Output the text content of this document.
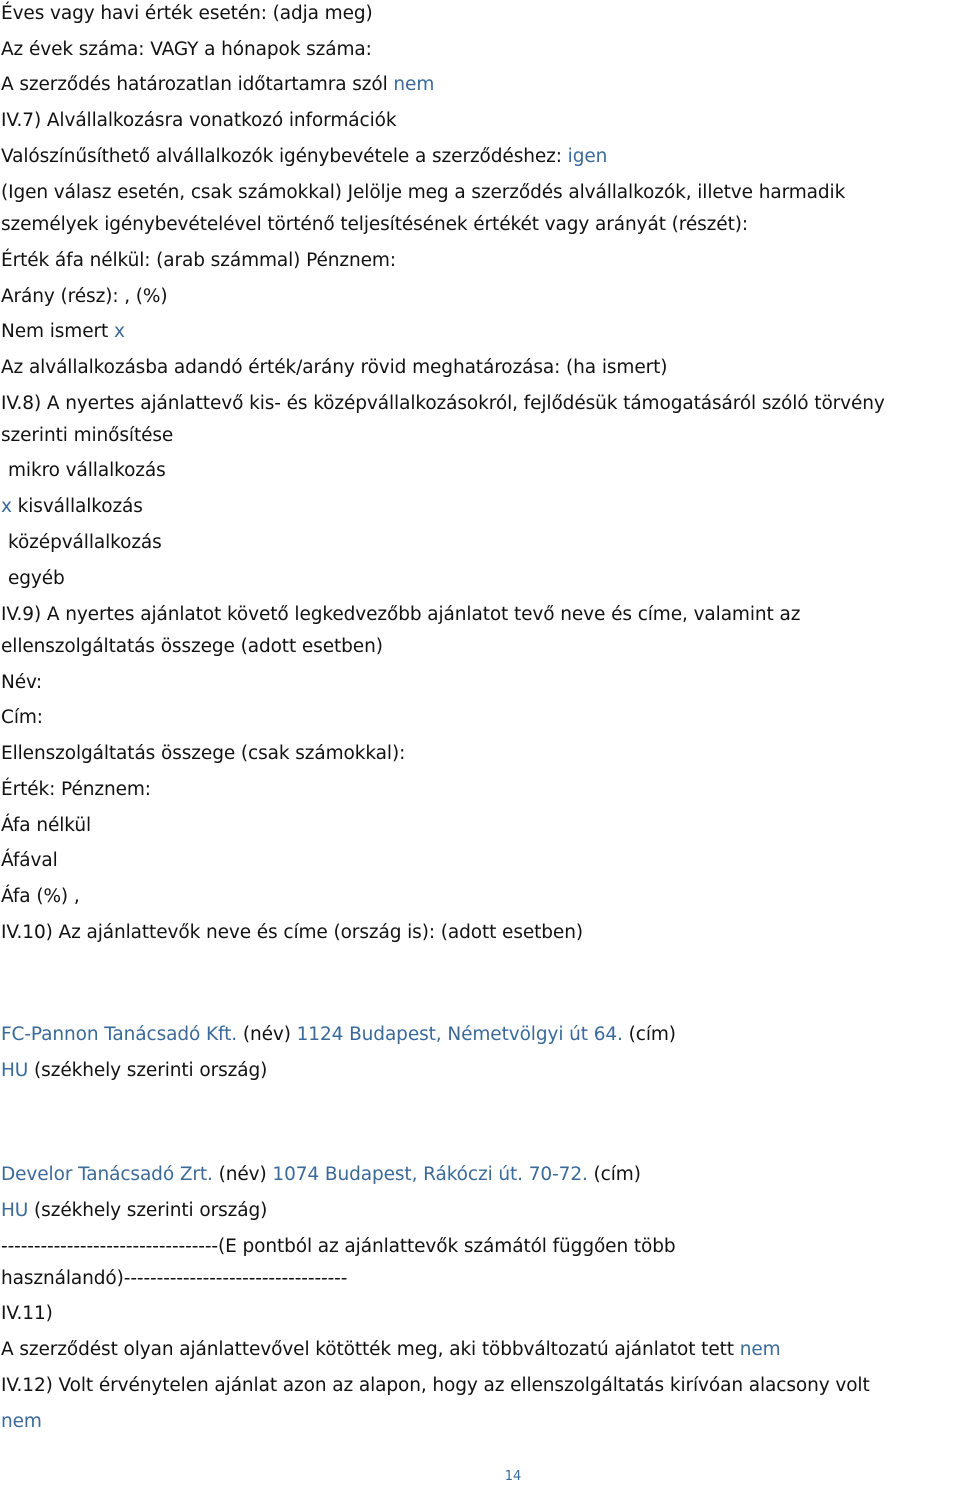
Éves vagy havi érték esetén: (adja meg)

Az évek száma: VAGY a hónapok száma:

A szerződés határozatlan időtartamra szól nem

IV.7) Alvállalkozásra vonatkozó információk

Valószínűsíthető alvállalkozók igénybevétele a szerződéshez: igen

(Igen válasz esetén, csak számokkal) Jelölje meg a szerződés alvállalkozók, illetve harmadik

személyek igénybevételével történő teljesítésének értékét vagy arányát (részét):

Érték áfa nélkül: (arab számmal) Pénznem:

Arány (rész): , (%)

Nem ismert x

Az alvállalkozásba adandó érték/arány rövid meghatározása: (ha ismert)

IV.8) A nyertes ajánlattevő kis- és középvállalkozásokról, fejlődésük támogatásáról szóló törvény

szerinti minősítése

mikro vállalkozás

x kisvállalkozás

középvállalkozás

egyéb

IV.9) A nyertes ajánlatot követő legkedvezőbb ajánlatot tevő neve és címe, valamint az

ellenszolgáltatás összege (adott esetben)

Név:

Cím:

Ellenszolgáltatás összege (csak számokkal):

Érték: Pénznem:

Áfa nélkül

Áfával

Áfa (%) ,

IV.10) Az ajánlattevők neve és címe (ország is): (adott esetben)

FC-Pannon Tanácsadó Kft. (név) 1124 Budapest, Németvölgyi út 64. (cím)

HU (székhely szerinti ország)

Develor Tanácsadó Zrt. (név) 1074 Budapest, Rákóczi út. 70-72. (cím)

HU (székhely szerinti ország)

---------------------------------(E pontból az ajánlattevők számától függően több

használandó)----------------------------------

IV.11)

A szerződést olyan ajánlattevővel kötötték meg, aki többváltozatú ajánlatot tett nem

IV.12) Volt érvénytelen ajánlat azon az alapon, hogy az ellenszolgáltatás kirívóan alacsony volt

nem

14
